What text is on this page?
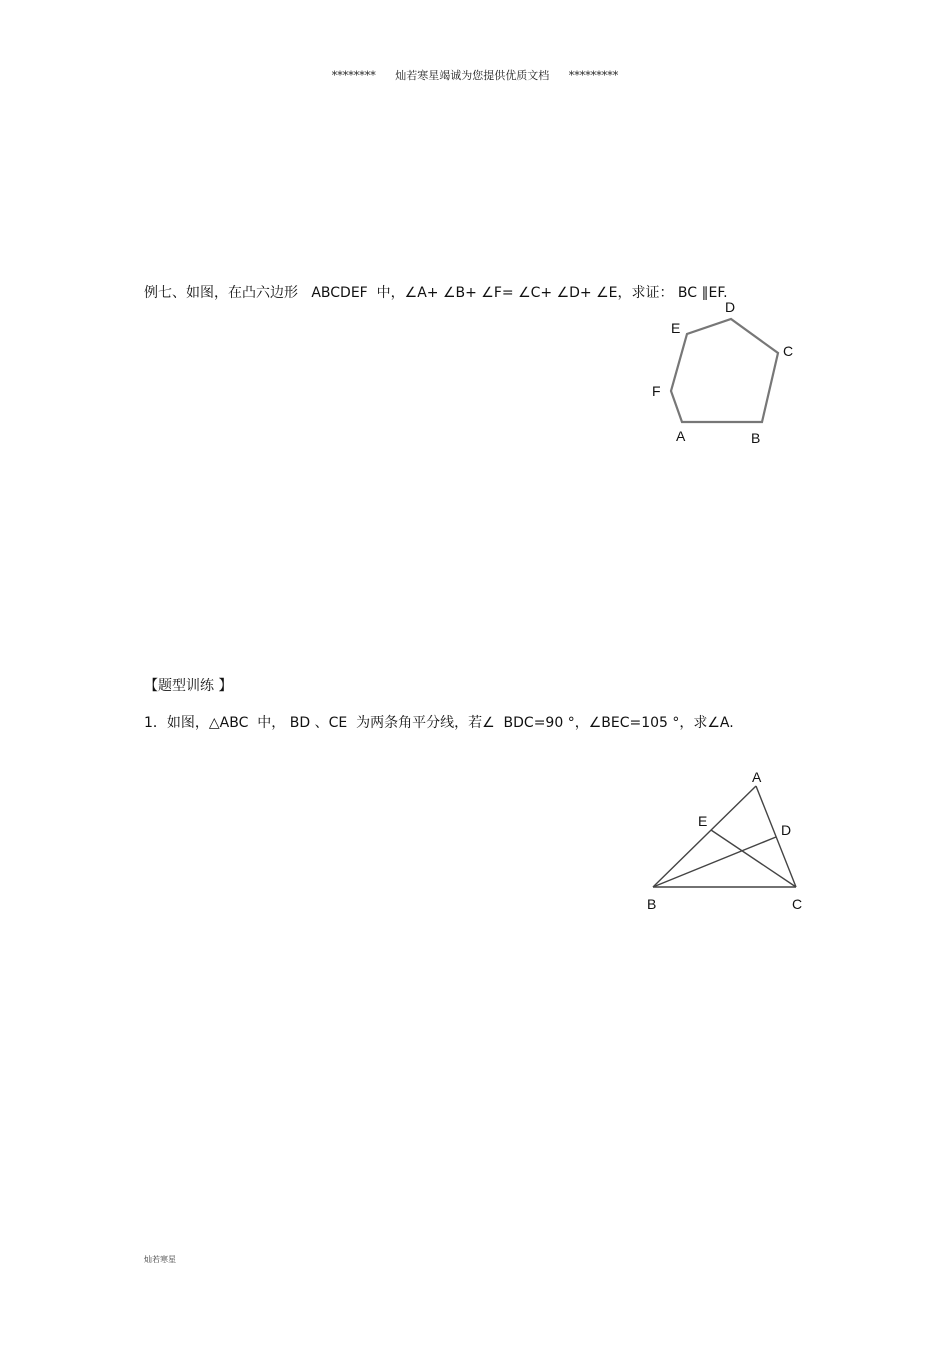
******** 灿若寒星竭诚为您提供优质文档 *********
例七、如图，在凸六边形   ABCDEF  中，∠A+ ∠B+ ∠F= ∠C+ ∠D+ ∠E，求证： BC ∥EF.
A	B
C
D
E
F
【题型训练 】
1．如图，△ABC  中， BD 、CE  为两条角平分线，若∠  BDC=90 °，∠BEC=105 °，求∠A.
A
B	C
D
E
灿若寒星
